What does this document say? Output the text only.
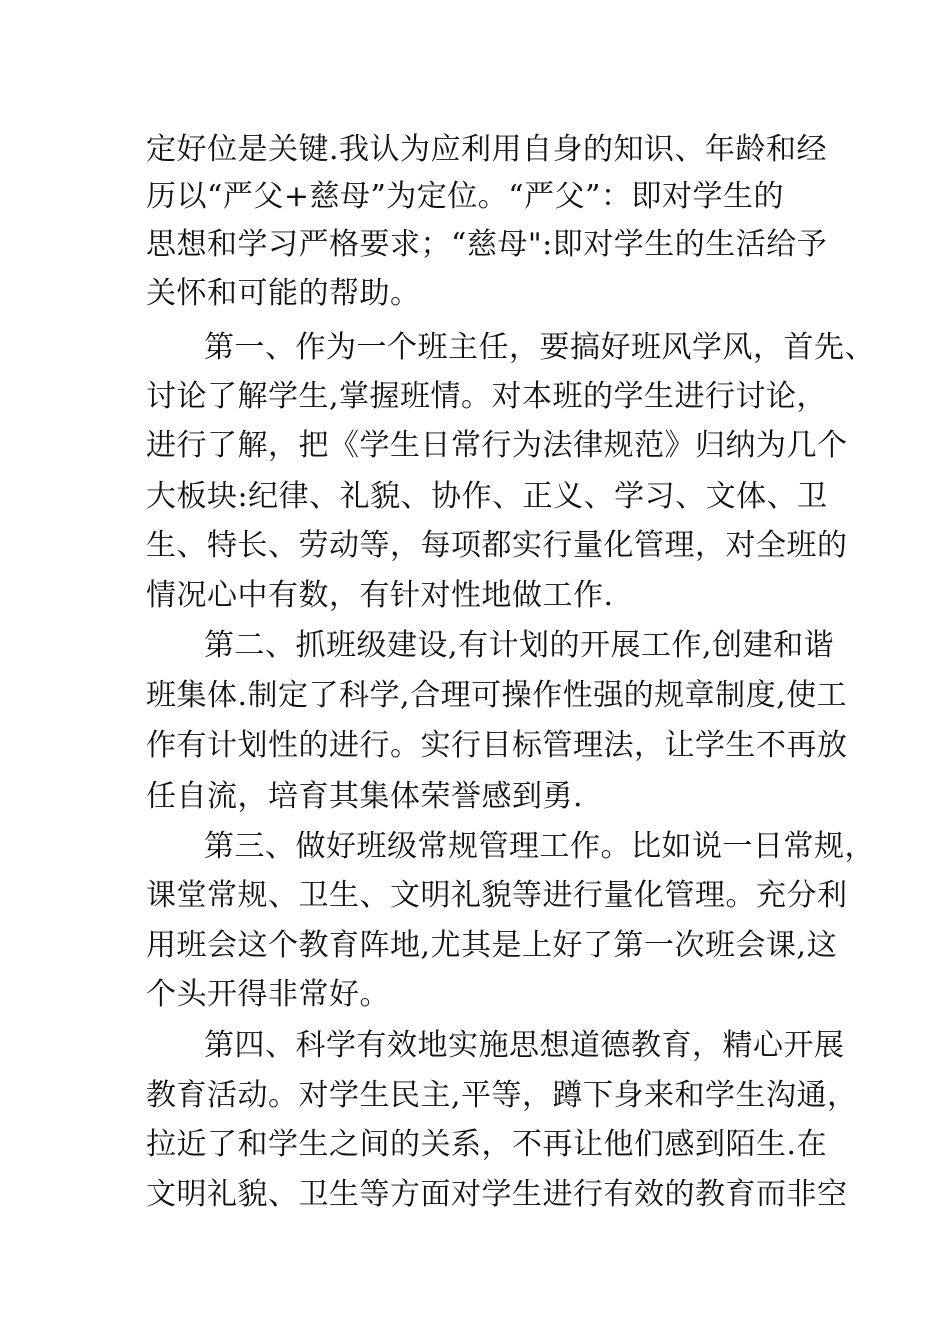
定好位是关键.我认为应利用自身的知识、年龄和经
历以“严父+慈母”为定位。“严父”：即对学生的
思想和学习严格要求；“慈母":即对学生的生活给予
关怀和可能的帮助。
第一、作为一个班主任，要搞好班风学风，首先、
讨论了解学生,掌握班情。对本班的学生进行讨论，
进行了解，把《学生日常行为法律规范》归纳为几个
大板块:纪律、礼貌、协作、正义、学习、文体、卫
生、特长、劳动等，每项都实行量化管理，对全班的
情况心中有数，有针对性地做工作.
第二、抓班级建设,有计划的开展工作,创建和谐
班集体.制定了科学,合理可操作性强的规章制度,使工
作有计划性的进行。实行目标管理法，让学生不再放
任自流，培育其集体荣誉感到勇.
第三、做好班级常规管理工作。比如说一日常规，
课堂常规、卫生、文明礼貌等进行量化管理。充分利
用班会这个教育阵地,尤其是上好了第一次班会课,这
个头开得非常好。
第四、科学有效地实施思想道德教育，精心开展
教育活动。对学生民主,平等，蹲下身来和学生沟通，
拉近了和学生之间的关系，不再让他们感到陌生.在
文明礼貌、卫生等方面对学生进行有效的教育而非空
